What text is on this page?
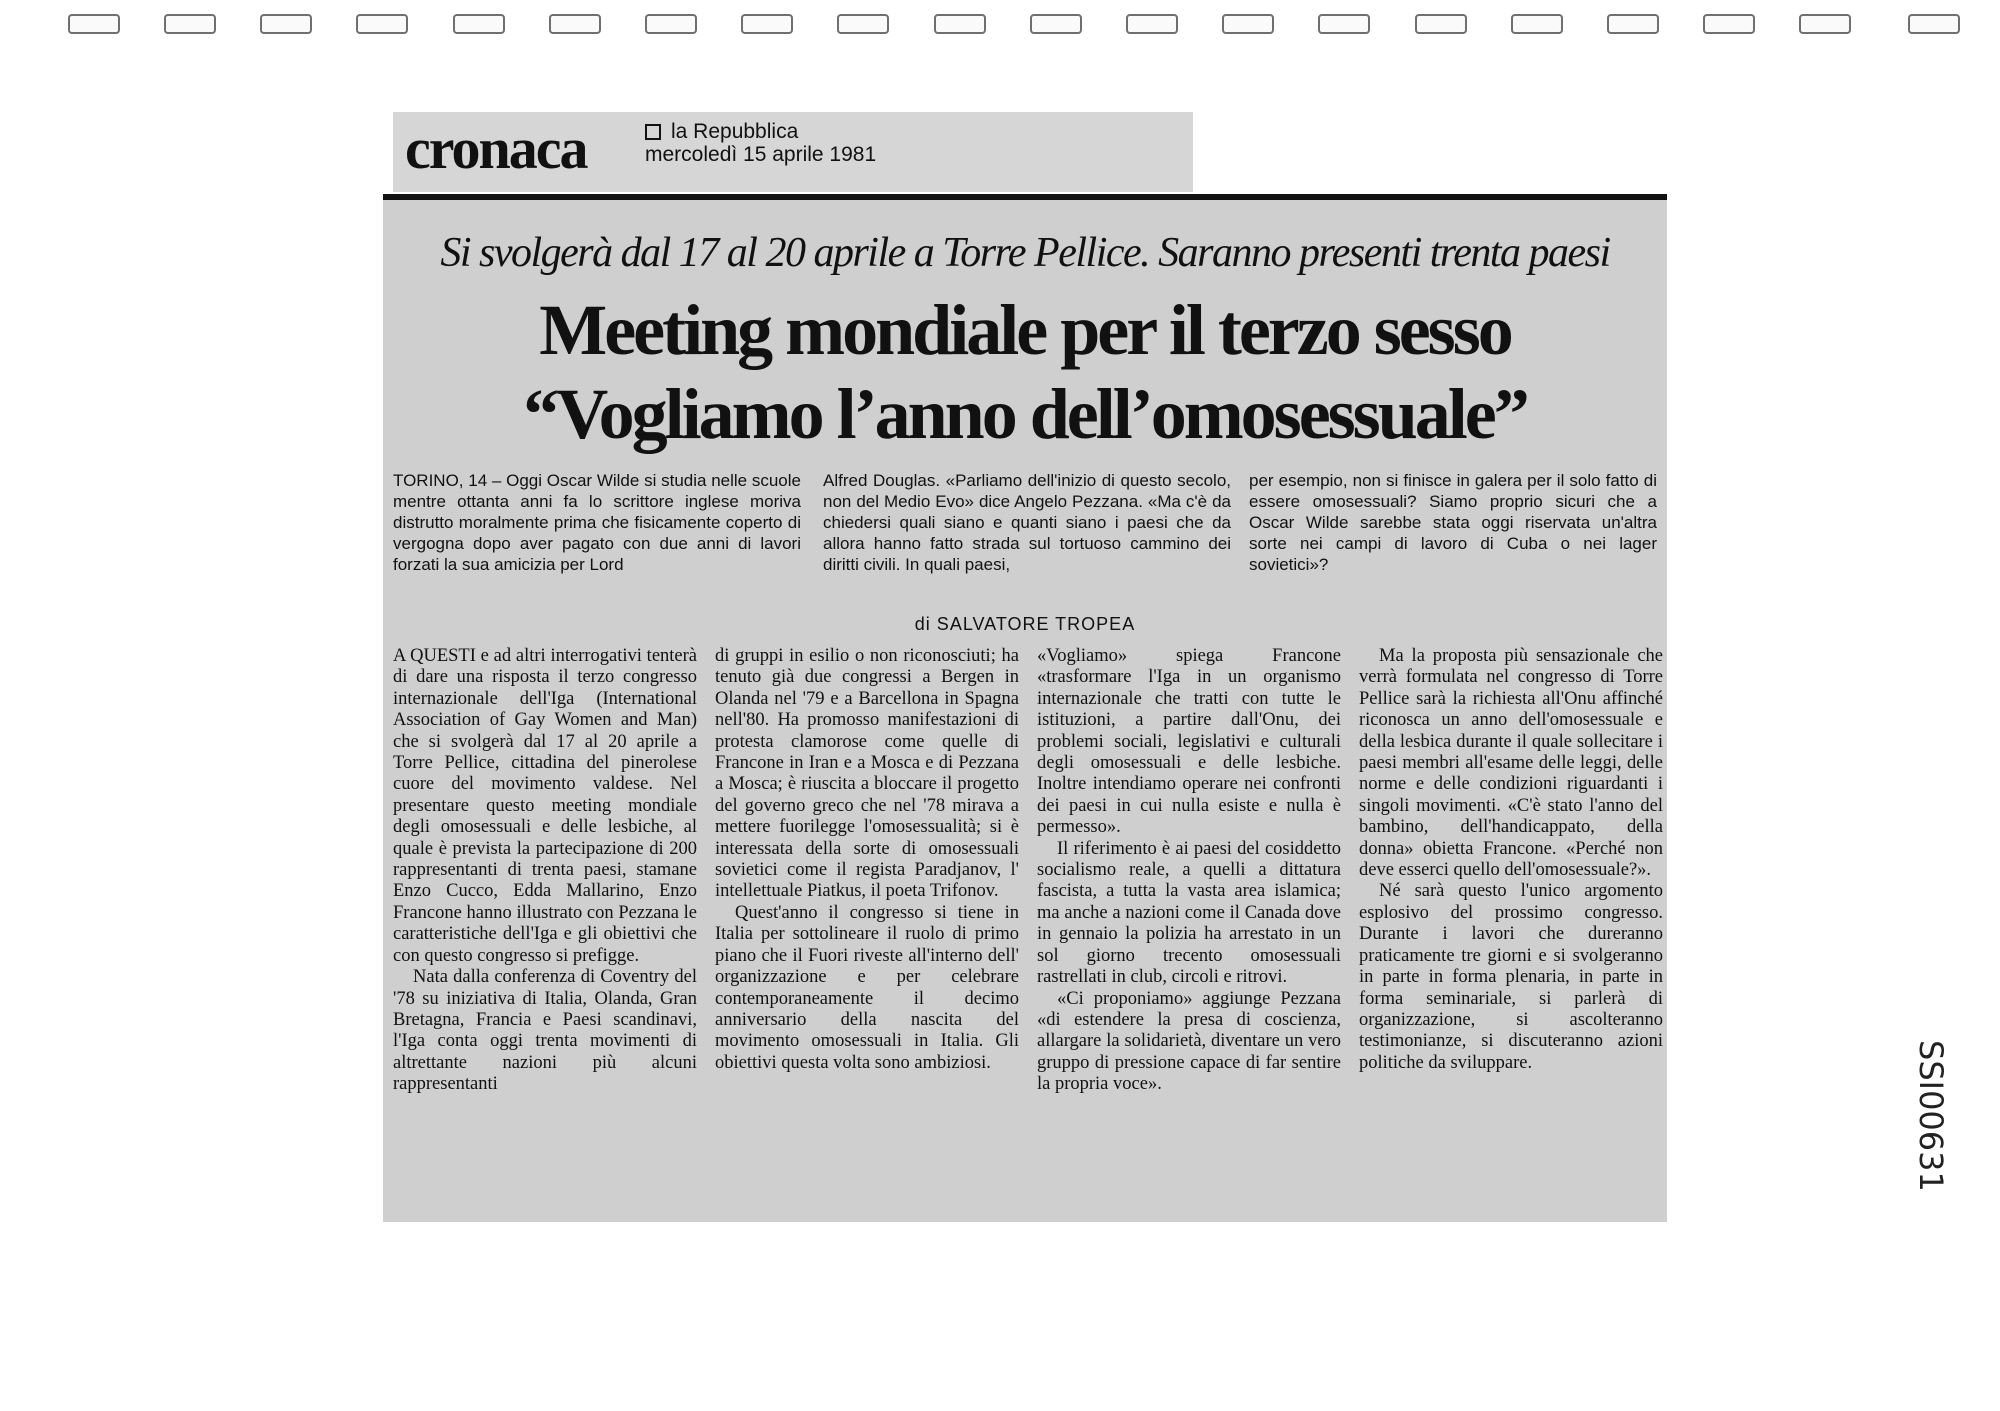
cronaca	la Repubblica
mercoledì 15 aprile 1981
Si svolgerà dal 17 al 20 aprile a Torre Pellice. Saranno presenti trenta paesi
Meeting mondiale per il terzo sesso
“Vogliamo l’anno dell’omosessuale”
TORINO, 14 – Oggi Oscar Wilde si studia nelle scuole mentre ottanta anni fa lo scrittore inglese moriva distrutto moralmente prima che fisicamente coperto di vergogna dopo aver pagato con due anni di lavori forzati la sua amicizia per Lord
Alfred Douglas. «Parliamo dell'inizio di questo secolo, non del Medio Evo» dice Angelo Pezzana. «Ma c'è da chiedersi quali siano e quanti siano i paesi che da allora hanno fatto strada sul tortuoso cammino dei diritti civili. In quali paesi,
per esempio, non si finisce in galera per il solo fatto di essere omosessuali? Siamo proprio sicuri che a Oscar Wilde sarebbe stata oggi riservata un'altra sorte nei campi di lavoro di Cuba o nei lager sovietici»?
di SALVATORE TROPEA

A QUESTI e ad altri interrogativi tenterà di dare una risposta il terzo congresso internazionale dell'Iga (International Association of Gay Women and Man) che si svolgerà dal 17 al 20 aprile a Torre Pellice, cittadina del pinerolese cuore del movimento valdese. Nel presentare questo meeting mondiale degli omosessuali e delle lesbiche, al quale è prevista la partecipazione di 200 rappresentanti di trenta paesi, stamane Enzo Cucco, Edda Mallarino, Enzo Francone hanno illustrato con Pezzana le caratteristiche dell'Iga e gli obiettivi che con questo congresso si prefigge.

Nata dalla conferenza di Coventry del '78 su iniziativa di Italia, Olanda, Gran Bretagna, Francia e Paesi scandinavi, l'Iga conta oggi trenta movimenti di altrettante nazioni più alcuni rappresentanti

di gruppi in esilio o non riconosciuti; ha tenuto già due congressi a Bergen in Olanda nel '79 e a Barcellona in Spagna nell'80. Ha promosso manifestazioni di protesta clamorose come quelle di Francone in Iran e a Mosca e di Pezzana a Mosca; è riuscita a bloccare il progetto del governo greco che nel '78 mirava a mettere fuorilegge l'omosessualità; si è interessata della sorte di omosessuali sovietici come il regista Paradjanov, l' intellettuale Piatkus, il poeta Trifonov.

Quest'anno il congresso si tiene in Italia per sottolineare il ruolo di primo piano che il Fuori riveste all'interno dell' organizzazione e per celebrare contemporaneamente il decimo anniversario della nascita del movimento omosessuali in Italia. Gli obiettivi questa volta sono ambiziosi.

«Vogliamo» spiega Francone «trasformare l'Iga in un organismo internazionale che tratti con tutte le istituzioni, a partire dall'Onu, dei problemi sociali, legislativi e culturali degli omosessuali e delle lesbiche. Inoltre intendiamo operare nei confronti dei paesi in cui nulla esiste e nulla è permesso».

Il riferimento è ai paesi del cosiddetto socialismo reale, a quelli a dittatura fascista, a tutta la vasta area islamica; ma anche a nazioni come il Canada dove in gennaio la polizia ha arrestato in un sol giorno trecento omosessuali rastrellati in club, circoli e ritrovi.

«Ci proponiamo» aggiunge Pezzana «di estendere la presa di coscienza, allargare la solidarietà, diventare un vero gruppo di pressione capace di far sentire la propria voce».

Ma la proposta più sensazionale che verrà formulata nel congresso di Torre Pellice sarà la richiesta all'Onu affinché riconosca un anno dell'omosessuale e della lesbica durante il quale sollecitare i paesi membri all'esame delle leggi, delle norme e delle condizioni riguardanti i singoli movimenti. «C'è stato l'anno del bambino, dell'handicappato, della donna» obietta Francone. «Perché non deve esserci quello dell'omosessuale?».

Né sarà questo l'unico argomento esplosivo del prossimo congresso. Durante i lavori che dureranno praticamente tre giorni e si svolgeranno in parte in forma plenaria, in parte in forma seminariale, si parlerà di organizzazione, si ascolteranno testimonianze, si discuteranno azioni politiche da sviluppare.	SSI00631
